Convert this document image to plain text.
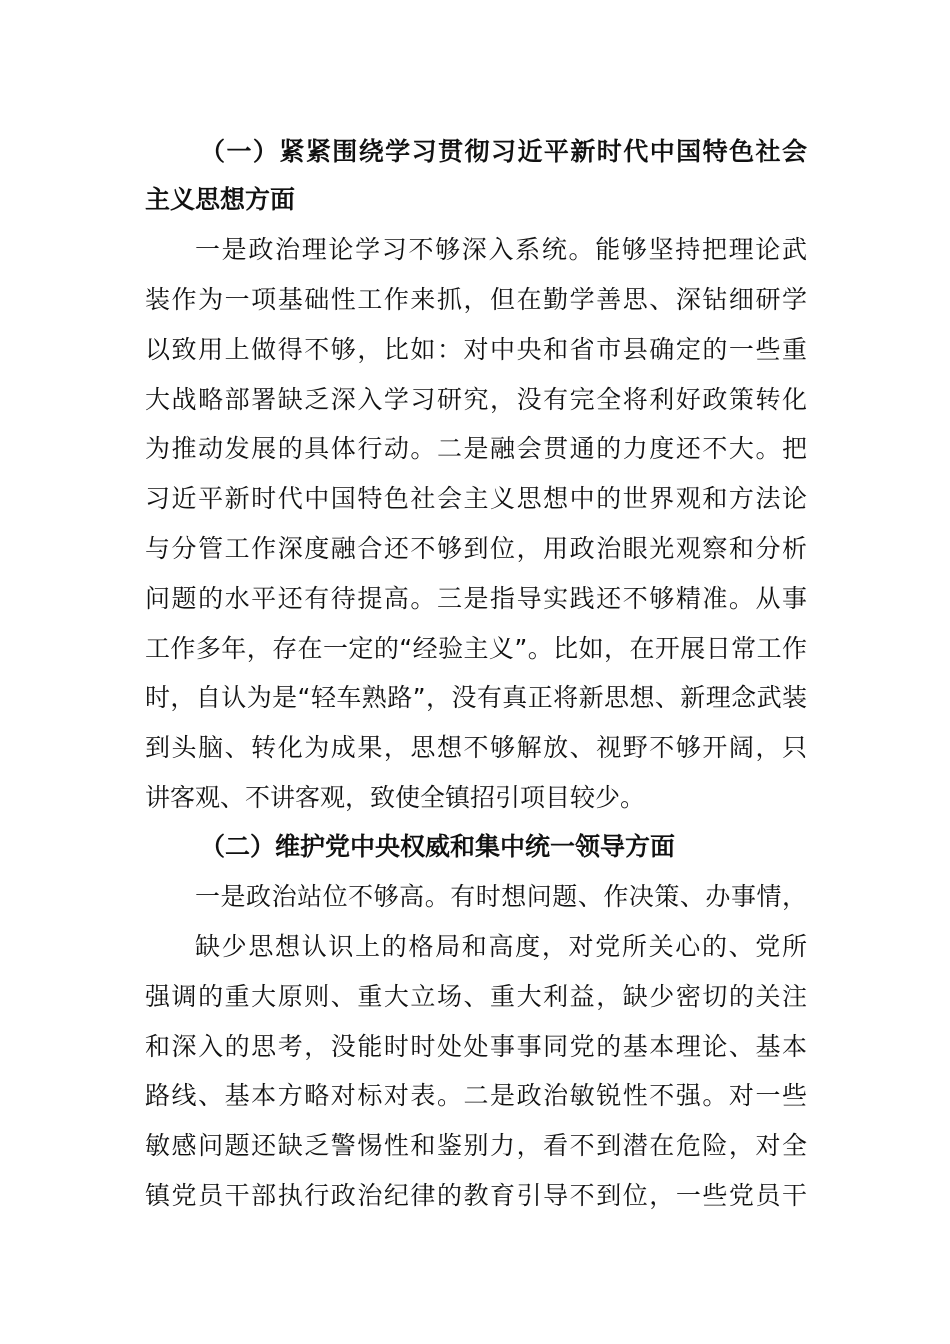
（一）紧紧围绕学习贯彻习近平新时代中国特色社会
主义思想方面
一是政治理论学习不够深入系统。能够坚持把理论武
装作为一项基础性工作来抓，但在勤学善思、深钻细研学
以致用上做得不够，比如：对中央和省市县确定的一些重
大战略部署缺乏深入学习研究，没有完全将利好政策转化
为推动发展的具体行动。二是融会贯通的力度还不大。把
习近平新时代中国特色社会主义思想中的世界观和方法论
与分管工作深度融合还不够到位，用政治眼光观察和分析
问题的水平还有待提高。三是指导实践还不够精准。从事
工作多年，存在一定的“经验主义”。比如，在开展日常工作
时，自认为是“轻车熟路”，没有真正将新思想、新理念武装
到头脑、转化为成果，思想不够解放、视野不够开阔，只
讲客观、不讲客观，致使全镇招引项目较少。
（二）维护党中央权威和集中统一领导方面
一是政治站位不够高。有时想问题、作决策、办事情，
缺少思想认识上的格局和高度，对党所关心的、党所
强调的重大原则、重大立场、重大利益，缺少密切的关注
和深入的思考，没能时时处处事事同党的基本理论、基本
路线、基本方略对标对表。二是政治敏锐性不强。对一些
敏感问题还缺乏警惕性和鉴别力，看不到潜在危险，对全
镇党员干部执行政治纪律的教育引导不到位，一些党员干
